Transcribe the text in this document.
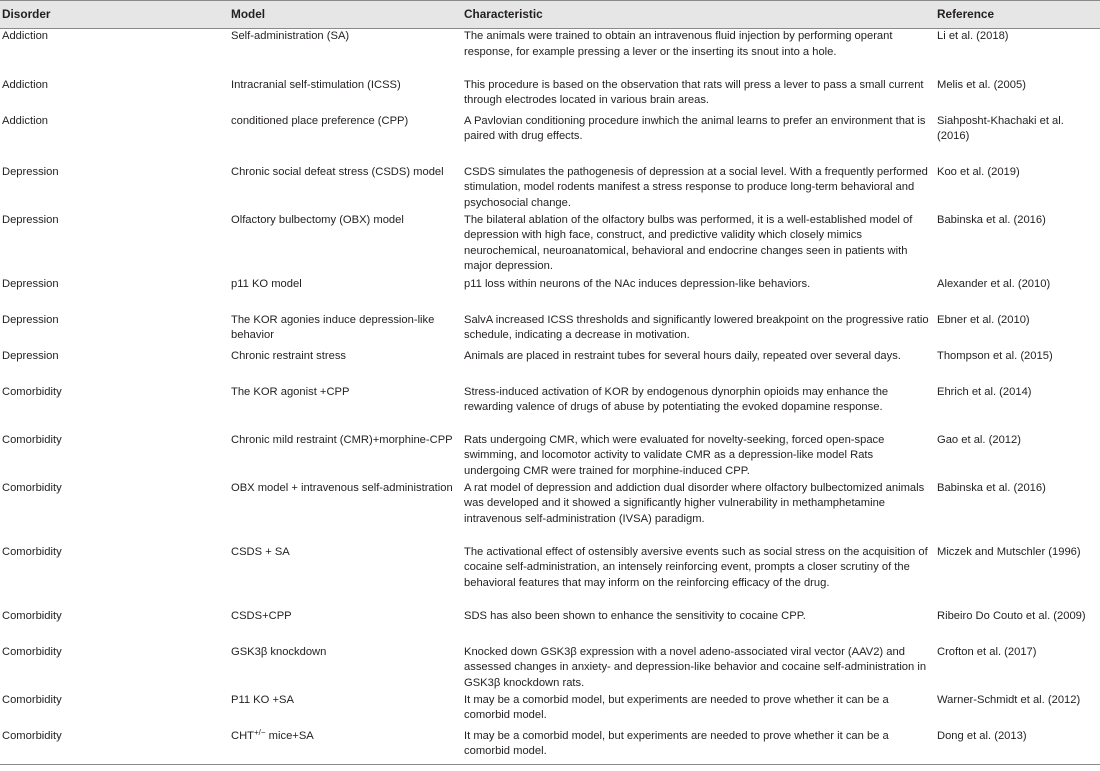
Disorder	Model	Characteristic	Reference
Addiction	Self-administration (SA)	The animals were trained to obtain an intravenous fluid injection by performing operant response, for example pressing a lever or the inserting its snout into a hole.	Li et al. (2018)
Addiction	Intracranial self-stimulation (ICSS)	This procedure is based on the observation that rats will press a lever to pass a small current through electrodes located in various brain areas.	Melis et al. (2005)
Addiction	conditioned place preference (CPP)	A Pavlovian conditioning procedure inwhich the animal learns to prefer an environment that is paired with drug effects.	Siahposht-Khachaki et al. (2016)
Depression	Chronic social defeat stress (CSDS) model	CSDS simulates the pathogenesis of depression at a social level. With a frequently performed stimulation, model rodents manifest a stress response to produce long-term behavioral and psychosocial change.	Koo et al. (2019)
Depression	Olfactory bulbectomy (OBX) model	The bilateral ablation of the olfactory bulbs was performed, it is a well-established model of depression with high face, construct, and predictive validity which closely mimics neurochemical, neuroanatomical, behavioral and endocrine changes seen in patients with major depression.	Babinska et al. (2016)
Depression	p11 KO model	p11 loss within neurons of the NAc induces depression-like behaviors.	Alexander et al. (2010)
Depression	The KOR agonies induce depression-like behavior	SalvA increased ICSS thresholds and significantly lowered breakpoint on the progressive ratio schedule, indicating a decrease in motivation.	Ebner et al. (2010)
Depression	Chronic restraint stress	Animals are placed in restraint tubes for several hours daily, repeated over several days.	Thompson et al. (2015)
Comorbidity	The KOR agonist +CPP	Stress-induced activation of KOR by endogenous dynorphin opioids may enhance the rewarding valence of drugs of abuse by potentiating the evoked dopamine response.	Ehrich et al. (2014)
Comorbidity	Chronic mild restraint (CMR)+morphine-CPP	Rats undergoing CMR, which were evaluated for novelty-seeking, forced open-space swimming, and locomotor activity to validate CMR as a depression-like model Rats undergoing CMR were trained for morphine-induced CPP.	Gao et al. (2012)
Comorbidity	OBX model + intravenous self-administration	A rat model of depression and addiction dual disorder where olfactory bulbectomized animals was developed and it showed a significantly higher vulnerability in methamphetamine intravenous self-administration (IVSA) paradigm.	Babinska et al. (2016)
Comorbidity	CSDS + SA	The activational effect of ostensibly aversive events such as social stress on the acquisition of cocaine self-administration, an intensely reinforcing event, prompts a closer scrutiny of the behavioral features that may inform on the reinforcing efficacy of the drug.	Miczek and Mutschler (1996)
Comorbidity	CSDS+CPP	SDS has also been shown to enhance the sensitivity to cocaine CPP.	Ribeiro Do Couto et al. (2009)
Comorbidity	GSK3β knockdown	Knocked down GSK3β expression with a novel adeno-associated viral vector (AAV2) and assessed changes in anxiety- and depression-like behavior and cocaine self-administration in GSK3β knockdown rats.	Crofton et al. (2017)
Comorbidity	P11 KO +SA	It may be a comorbid model, but experiments are needed to prove whether it can be a comorbid model.	Warner-Schmidt et al. (2012)
Comorbidity	CHT+/− mice+SA	It may be a comorbid model, but experiments are needed to prove whether it can be a comorbid model.	Dong et al. (2013)
